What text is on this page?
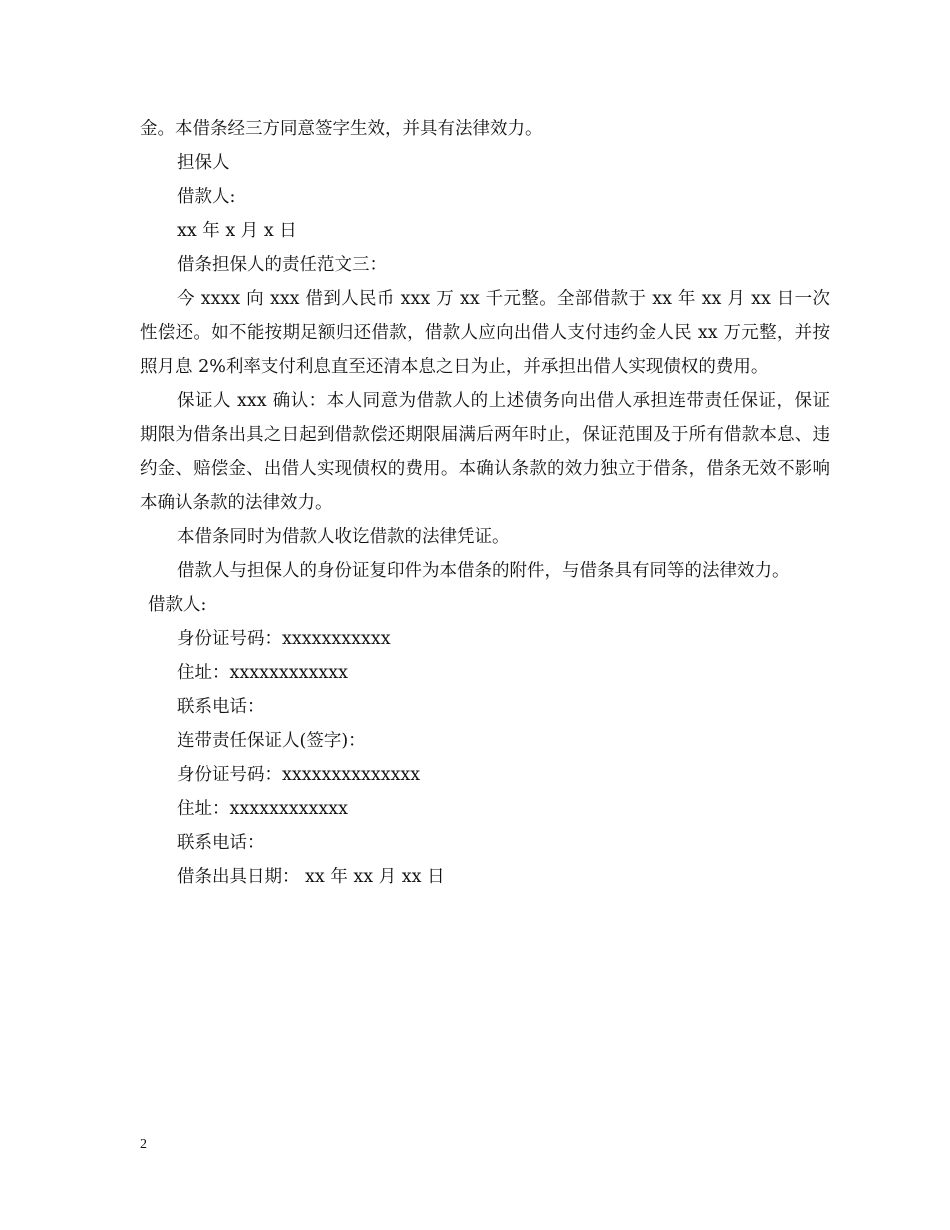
金。本借条经三方同意签字生效，并具有法律效力。

担保人

借款人:

xx 年 x 月 x 日

借条担保人的责任范文三：

今 xxxx 向 xxx 借到人民币 xxx 万 xx 千元整。全部借款于 xx 年 xx 月 xx 日一次性偿还。如不能按期足额归还借款，借款人应向出借人支付违约金人民 xx 万元整，并按照月息 2%利率支付利息直至还清本息之日为止，并承担出借人实现债权的费用。

保证人 xxx 确认：本人同意为借款人的上述债务向出借人承担连带责任保证，保证期限为借条出具之日起到借款偿还期限届满后两年时止，保证范围及于所有借款本息、违约金、赔偿金、出借人实现债权的费用。本确认条款的效力独立于借条，借条无效不影响本确认条款的法律效力。

本借条同时为借款人收讫借款的法律凭证。

借款人与担保人的身份证复印件为本借条的附件，与借条具有同等的法律效力。

借款人:

身份证号码：xxxxxxxxxxx

住址：xxxxxxxxxxxx

联系电话：

连带责任保证人(签字)：

身份证号码：xxxxxxxxxxxxxx

住址：xxxxxxxxxxxx

联系电话：

借条出具日期： xx 年 xx 月 xx 日

2
